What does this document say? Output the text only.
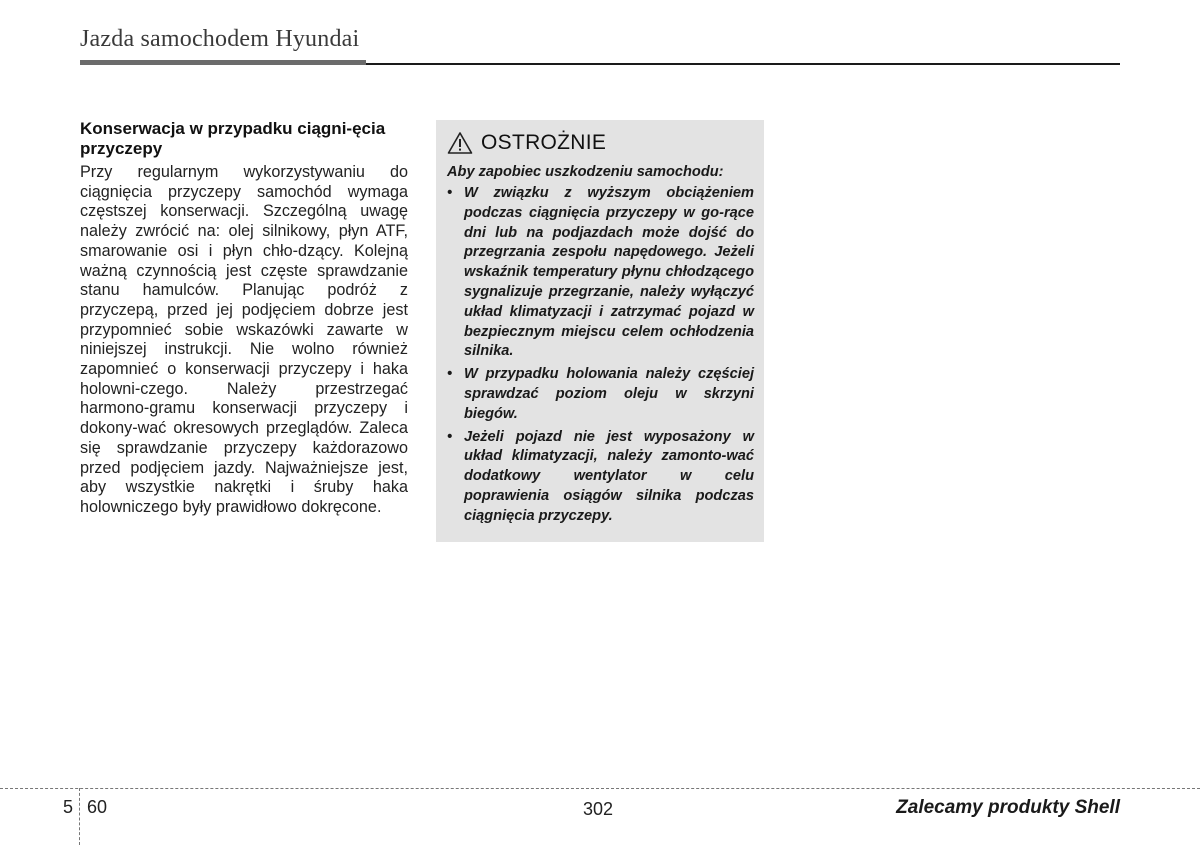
Jazda samochodem Hyundai
Konserwacja w przypadku ciągni-ęcia przyczepy

Przy regularnym wykorzystywaniu do ciągnięcia przyczepy samochód wymaga częstszej konserwacji. Szczególną uwagę należy zwrócić na: olej silnikowy, płyn ATF, smarowanie osi i płyn chło-dzący. Kolejną ważną czynnością jest częste sprawdzanie stanu hamulców. Planując podróż z przyczepą, przed jej podjęciem dobrze jest przypomnieć sobie wskazówki zawarte w niniejszej instrukcji. Nie wolno również zapomnieć o konserwacji przyczepy i haka holowni-czego. Należy przestrzegać harmono-gramu konserwacji przyczepy i dokony-wać okresowych przeglądów. Zaleca się sprawdzanie przyczepy każdorazowo przed podjęciem jazdy. Najważniejsze jest, aby wszystkie nakrętki i śruby haka holowniczego były prawidłowo dokręcone.

OSTROŻNIE

Aby zapobiec uszkodzeniu samochodu:

• W związku z wyższym obciążeniem podczas ciągnięcia przyczepy w go-rące dni lub na podjazdach może dojść do przegrzania zespołu napędowego. Jeżeli wskaźnik temperatury płynu chłodzącego sygnalizuje przegrzanie, należy wyłączyć układ klimatyzacji i zatrzymać pojazd w bezpiecznym miejscu celem ochłodzenia silnika.
• W przypadku holowania należy częściej sprawdzać poziom oleju w skrzyni biegów.
• Jeżeli pojazd nie jest wyposażony w układ klimatyzacji, należy zamonto-wać dodatkowy wentylator w celu poprawienia osiągów silnika podczas ciągnięcia przyczepy.
5 60	302	Zalecamy produkty Shell
